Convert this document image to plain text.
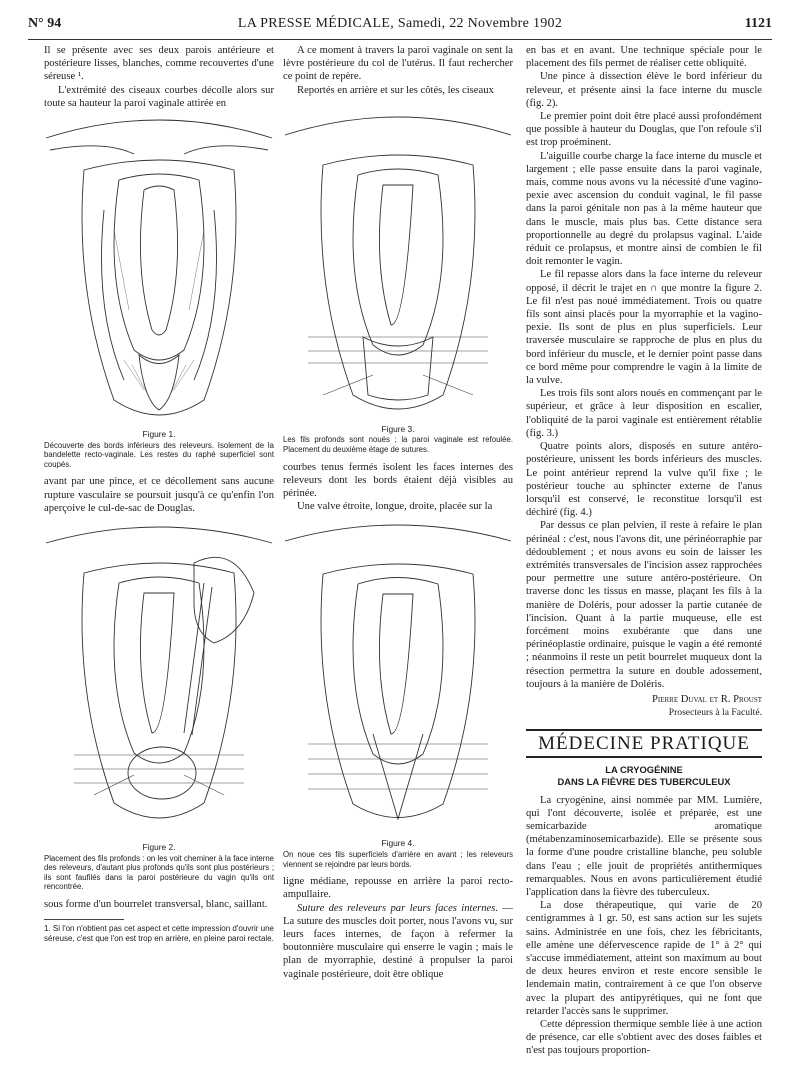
N° 94	LA PRESSE MÉDICALE, Samedi, 22 Novembre 1902	1121

Il se présente avec ses deux parois antérieure et postérieure lisses, blanches, comme recouvertes d'une séreuse ¹.

L'extrémité des ciseaux courbes décolle alors sur toute sa hauteur la paroi vaginale attirée en

Figure 1.
Découverte des bords inférieurs des releveurs. Isolement de la bandelette recto-vaginale. Les restes du raphé superficiel sont coupés.

avant par une pince, et ce décollement sans aucune rupture vasculaire se poursuit jusqu'à ce qu'enfin l'on aperçoive le cul-de-sac de Douglas.

Figure 2.
Placement des fils profonds : on les voit cheminer à la face interne des releveurs, d'autant plus profonds qu'ils sont plus postérieurs ; ils sont faufilés dans la paroi postérieure du vagin qu'ils ont rencontrée.

sous forme d'un bourrelet transversal, blanc, saillant.

1. Si l'on n'obtient pas cet aspect et cette impression d'ouvrir une séreuse, c'est que l'on est trop en arrière, en pleine paroi rectale.

A ce moment à travers la paroi vaginale on sent la lèvre postérieure du col de l'utérus. Il faut rechercher ce point de repère.

Reportés en arrière et sur les côtés, les ciseaux

Figure 3.
Les fils profonds sont noués ; la paroi vaginale est refoulée. Placement du deuxième étage de sutures.

courbes tenus fermés isolent les faces internes des releveurs dont les bords étaient déjà visibles au périnée.

Une valve étroite, longue, droite, placée sur la

Figure 4.
On noue ces fils superficiels d'arrière en avant ; les releveurs viennent se rejoindre par leurs bords.

ligne médiane, repousse en arrière la paroi recto-ampullaire.

Suture des releveurs par leurs faces internes. — La suture des muscles doit porter, nous l'avons vu, sur leurs faces internes, de façon à refermer la boutonnière musculaire qui enserre le vagin ; mais le plan de myorraphie, destiné à propulser la paroi vaginale postérieure, doit être oblique

en bas et en avant. Une technique spéciale pour le placement des fils permet de réaliser cette obliquité.

Une pince à dissection élève le bord inférieur du releveur, et présente ainsi la face interne du muscle (fig. 2).

Le premier point doit être placé aussi profondément que possible à hauteur du Douglas, que l'on refoule s'il est trop proéminent.

L'aiguille courbe charge la face interne du muscle et largement ; elle passe ensuite dans la paroi vaginale, mais, comme nous avons vu la nécessité d'une vagino-pexie avec ascension du conduit vaginal, le fil passe dans la paroi génitale non pas à la même hauteur que dans le muscle, mais plus bas. Cette distance sera proportionnelle au degré du prolapsus vaginal. L'aide réduit ce prolapsus, et montre ainsi de combien le fil doit remonter le vagin.

Le fil repasse alors dans la face interne du releveur opposé, il décrit le trajet en ∩ que montre la figure 2. Le fil n'est pas noué immédiatement. Trois ou quatre fils sont ainsi placés pour la myorraphie et la vagino-pexie. Ils sont de plus en plus superficiels. Leur traversée musculaire se rapproche de plus en plus du bord inférieur du muscle, et le dernier point passe dans ce bord même pour comprendre le vagin à la limite de la vulve.

Les trois fils sont alors noués en commençant par le supérieur, et grâce à leur disposition en escalier, l'obliquité de la paroi vaginale est entièrement rétablie (fig. 3.)

Quatre points alors, disposés en suture antéro-postérieure, unissent les bords inférieurs des muscles. Le point antérieur reprend la vulve qu'il fixe ; le postérieur touche au sphincter externe de l'anus lorsqu'il est conservé, le reconstitue lorsqu'il est déchiré (fig. 4.)

Par dessus ce plan pelvien, il reste à refaire le plan périnéal : c'est, nous l'avons dit, une périnéorraphie par dédoublement ; et nous avons eu soin de laisser les extrémités transversales de l'incision assez rapprochées pour permettre une suture antéro-postérieure. On traverse donc les tissus en masse, plaçant les fils à la manière de Doléris, pour adosser la partie cutanée de l'incision. Quant à la partie muqueuse, elle est forcément moins exubérante que dans une périnéoplastie ordinaire, puisque le vagin a été remonté ; néanmoins il reste un petit bourrelet muqueux dont la résection permettra la suture en double adossement, toujours à la manière de Doléris.

Pierre Duval et R. Proust
Prosecteurs à la Faculté.
MÉDECINE PRATIQUE
LA CRYOGÉNINE
DANS LA FIÈVRE DES TUBERCULEUX

La cryogénine, ainsi nommée par MM. Lumière, qui l'ont découverte, isolée et préparée, est une semicarbazide aromatique (métabenzaminosemicarbazide). Elle se présente sous la forme d'une poudre cristalline blanche, peu soluble dans l'eau ; elle jouit de propriétés antithermiques remarquables. Nous en avons particulièrement étudié l'application dans la fièvre des tuberculeux.

La dose thérapeutique, qui varie de 20 centigrammes à 1 gr. 50, est sans action sur les sujets sains. Administrée en une fois, chez les fébricitants, elle amène une défervescence rapide de 1° à 2° qui s'accuse immédiatement, atteint son maximum au bout de deux heures environ et reste encore sensible le lendemain matin, contrairement à ce que l'on observe avec la plupart des antipyrétiques, qui ne font que retarder l'accès sans le supprimer.

Cette dépression thermique semble liée à une action de présence, car elle s'obtient avec des doses faibles et n'est pas toujours proportion-
